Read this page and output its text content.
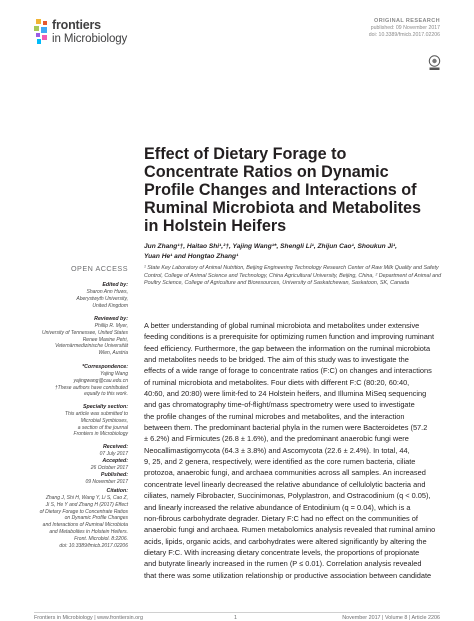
frontiers
in Microbiology
ORIGINAL RESEARCH
published: 09 November 2017
doi: 10.3389/fmicb.2017.02206
Effect of Dietary Forage to
Concentrate Ratios on Dynamic
Profile Changes and Interactions of
Ruminal Microbiota and Metabolites
in Holstein Heifers
Jun Zhang¹†, Haitao Shi¹,²†, Yajing Wang¹*, Shengli Li¹, Zhijun Cao¹, Shoukun Ji¹,
Yuan He¹ and Hongtao Zhang¹
¹ State Key Laboratory of Animal Nutrition, Beijing Engineering Technology Research Center of Raw Milk Quality and Safety
Control, College of Animal Science and Technology, China Agricultural University, Beijing, China, ² Department of Animal and
Poultry Science, College of Agriculture and Bioresources, University of Saskatchewan, Saskatoon, SK, Canada
OPEN ACCESS
Edited by:
Sharon Ann Huws,
Aberystwyth University,
United Kingdom
Reviewed by:
Phillip R. Myer,
University of Tennessee, United States
Renee Maxine Petri,
Veternärmedizinische Universität
Wien, Austria
*Correspondence:
Yajing Wang
yajingwang@cau.edu.cn
†These authors have contributed
equally to this work.
Specialty section:
This article was submitted to
Microbial Symbioses,
a section of the journal
Frontiers in Microbiology
Received:
07 July 2017
Accepted:
26 October 2017
Published:
09 November 2017
Citation:
Zhang J, Shi H, Wang Y, Li S, Cao Z,
Ji S, He Y and Zhang H (2017) Effect
of Dietary Forage to Concentrate Ratios
on Dynamic Profile Changes
and Interactions of Ruminal Microbiota
and Metabolites in Holstein Heifers.
Front. Microbiol. 8:2206.
doi: 10.3389/fmicb.2017.02206
A better understanding of global ruminal microbiota and metabolites under extensive
feeding conditions is a prerequisite for optimizing rumen function and improving ruminant
feed efficiency. Furthermore, the gap between the information on the ruminal microbiota
and metabolites needs to be bridged. The aim of this study was to investigate the
effects of a wide range of forage to concentrate ratios (F:C) on changes and interactions
of ruminal microbiota and metabolites. Four diets with different F:C (80:20, 60:40,
40:60, and 20:80) were limit-fed to 24 Holstein heifers, and Illumina MiSeq sequencing
and gas chromatography time-of-flight/mass spectrometry were used to investigate
the profile changes of the ruminal microbes and metabolites, and the interaction
between them. The predominant bacterial phyla in the rumen were Bacteroidetes (57.2
± 6.2%) and Firmicutes (26.8 ± 1.6%), and the predominant anaerobic fungi were
Neocallimastigomycota (64.3 ± 3.8%) and Ascomycota (22.6 ± 2.4%). In total, 44,
9, 25, and 2 genera, respectively, were identified as the core rumen bacteria, ciliate
protozoa, anaerobic fungi, and archaea communities across all samples. An increased
concentrate level linearly decreased the relative abundance of cellulolytic bacteria and
ciliates, namely Fibrobacter, Succinimonas, Polyplastron, and Ostracodinium (q < 0.05),
and linearly increased the relative abundance of Entodinium (q = 0.04), which is a
non-fibrous carbohydrate degrader. Dietary F:C had no effect on the communities of
anaerobic fungi and archaea. Rumen metabolomics analysis revealed that ruminal amino
acids, lipids, organic acids, and carbohydrates were altered significantly by altering the
dietary F:C. With increasing dietary concentrate levels, the proportions of propionate
and butyrate linearly increased in the rumen (P ≤ 0.01). Correlation analysis revealed
that there was some utilization relationship or productive association between candidate
Frontiers in Microbiology | www.frontiersin.org	1	November 2017 | Volume 8 | Article 2206
